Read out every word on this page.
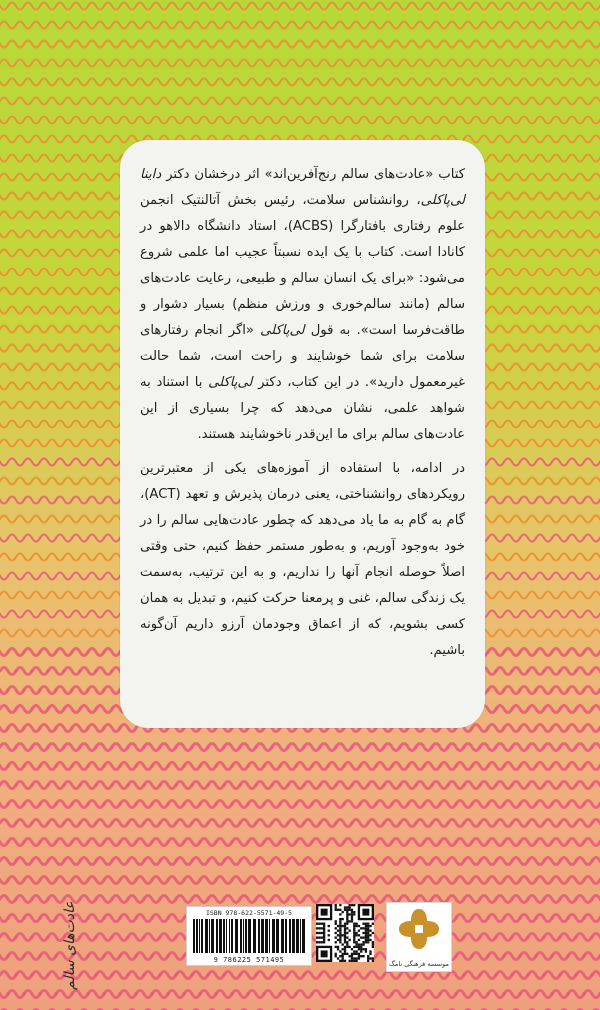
کتاب «عادت‌های سالم رنج‌آفرین‌اند» اثر درخشان دکتر داینا لی‌پاکلی، روانشناس سلامت، رئیس بخش آتالنتیک انجمن علوم رفتاری بافتارگرا (ACBS)، استاد دانشگاه دالاهو در کانادا است. کتاب با یک ایده نسبتاً عجیب اما علمی شروع می‌شود: «برای یک انسان سالم و طبیعی، رعایت عادت‌های سالم (مانند سالم‌خوری و ورزش منظم) بسیار دشوار و طاقت‌فرسا است». به قول لی‌پاکلی «اگر انجام رفتارهای سلامت برای شما خوشایند و راحت است، شما حالت غیرمعمول دارید». در این کتاب، دکتر لی‌پاکلی با استناد به شواهد علمی، نشان می‌دهد که چرا بسیاری از این عادت‌های سالم برای ما این‌قدر ناخوشایند هستند.

در ادامه، با استفاده از آموزه‌های یکی از معتبرترین رویکردهای روانشناختی، یعنی درمان پذیرش و تعهد (ACT)، گام به گام به ما یاد می‌دهد که چطور عادت‌هایی سالم را در خود به‌وجود آوریم، و به‌طور مستمر حفظ کنیم، حتی وقتی اصلاً حوصله انجام آنها را نداریم، و به این ترتیب، به‌سمت یک زندگی سالم، غنی و پرمعنا حرکت کنیم، و تبدیل به همان کسی بشویم، که از اعماق وجودمان آرزو داریم آن‌گونه باشیم.

عادت‌های سالم	ISBN 978-622-5571-49-5
9 786225 571495	موسسه فرهنگی نامگ
